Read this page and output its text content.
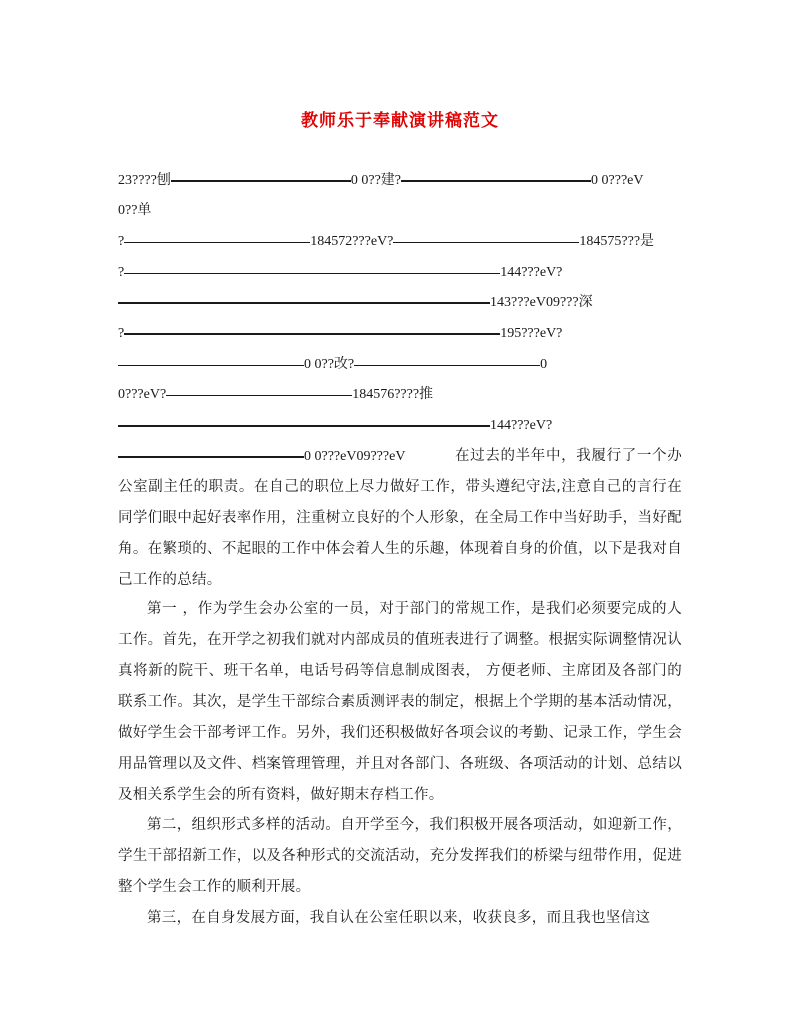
教师乐于奉献演讲稿范文
23????刨	0 0??建?	0 0???eV
0??单
?	184572???eV?	184575???是
?	144???eV?
143???eV09???深
?	195???eV?
0 0??改?	0
0???eV?	184576????推
144???eV?
0 0???eV09???eV	在过去的半年中，我履行了一个办公室副主任的职责。在自己的职位上尽力做好工作，带头遵纪守法,注意自己的言行在同学们眼中起好表率作用，注重树立良好的个人形象，在全局工作中当好助手，当好配角。在繁琐的、不起眼的工作中体会着人生的乐趣，体现着自身的价值，以下是我对自己工作的总结。

第一 ，作为学生会办公室的一员，对于部门的常规工作，是我们必须要完成的人工作。首先，在开学之初我们就对内部成员的值班表进行了调整。根据实际调整情况认真将新的院干、班干名单，电话号码等信息制成图表， 方便老师、主席团及各部门的联系工作。其次，是学生干部综合素质测评表的制定，根据上个学期的基本活动情况，做好学生会干部考评工作。另外，我们还积极做好各项会议的考勤、记录工作，学生会用品管理以及文件、档案管理管理，并且对各部门、各班级、各项活动的计划、总结以及相关系学生会的所有资料，做好期末存档工作。

第二，组织形式多样的活动。自开学至今，我们积极开展各项活动，如迎新工作，学生干部招新工作，以及各种形式的交流活动，充分发挥我们的桥梁与纽带作用，促进整个学生会工作的顺利开展。

第三，在自身发展方面，我自认在公室任职以来，收获良多，而且我也坚信这
